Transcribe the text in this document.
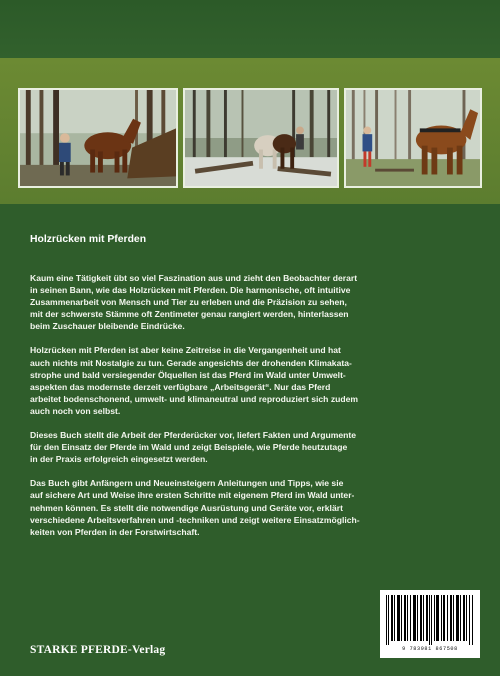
Holzrücken mit Pferden
Kaum eine Tätigkeit übt so viel Faszination aus und zieht den Beobachter derart
in seinen Bann, wie das Holzrücken mit Pferden. Die harmonische, oft intuitive
Zusammenarbeit von Mensch und Tier zu erleben und die Präzision zu sehen,
mit der schwerste Stämme oft Zentimeter genau rangiert werden, hinterlassen
beim Zuschauer bleibende Eindrücke.
Holzrücken mit Pferden ist aber keine Zeitreise in die Vergangenheit und hat
auch nichts mit Nostalgie zu tun. Gerade angesichts der drohenden Klimakata-
strophe und bald versiegender Ölquellen ist das Pferd im Wald unter Umwelt-
aspekten das modernste derzeit verfügbare „Arbeitsgerät“. Nur das Pferd
arbeitet bodenschonend, umwelt- und klimaneutral und reproduziert sich zudem
auch noch von selbst.
Dieses Buch stellt die Arbeit der Pferderücker vor, liefert Fakten und Argumente
für den Einsatz der Pferde im Wald und zeigt Beispiele, wie Pferde heutzutage
in der Praxis erfolgreich eingesetzt werden.
Das Buch gibt Anfängern und Neueinsteigern Anleitungen und Tipps, wie sie
auf sichere Art und Weise ihre ersten Schritte mit eigenem Pferd im Wald unter-
nehmen können. Es stellt die notwendige Ausrüstung und Geräte vor, erklärt
verschiedene Arbeitsverfahren und -techniken und zeigt weitere Einsatzmöglich-
keiten von Pferden in der Forstwirtschaft.
STARKE PFERDE-Verlag	9 783981 867508
